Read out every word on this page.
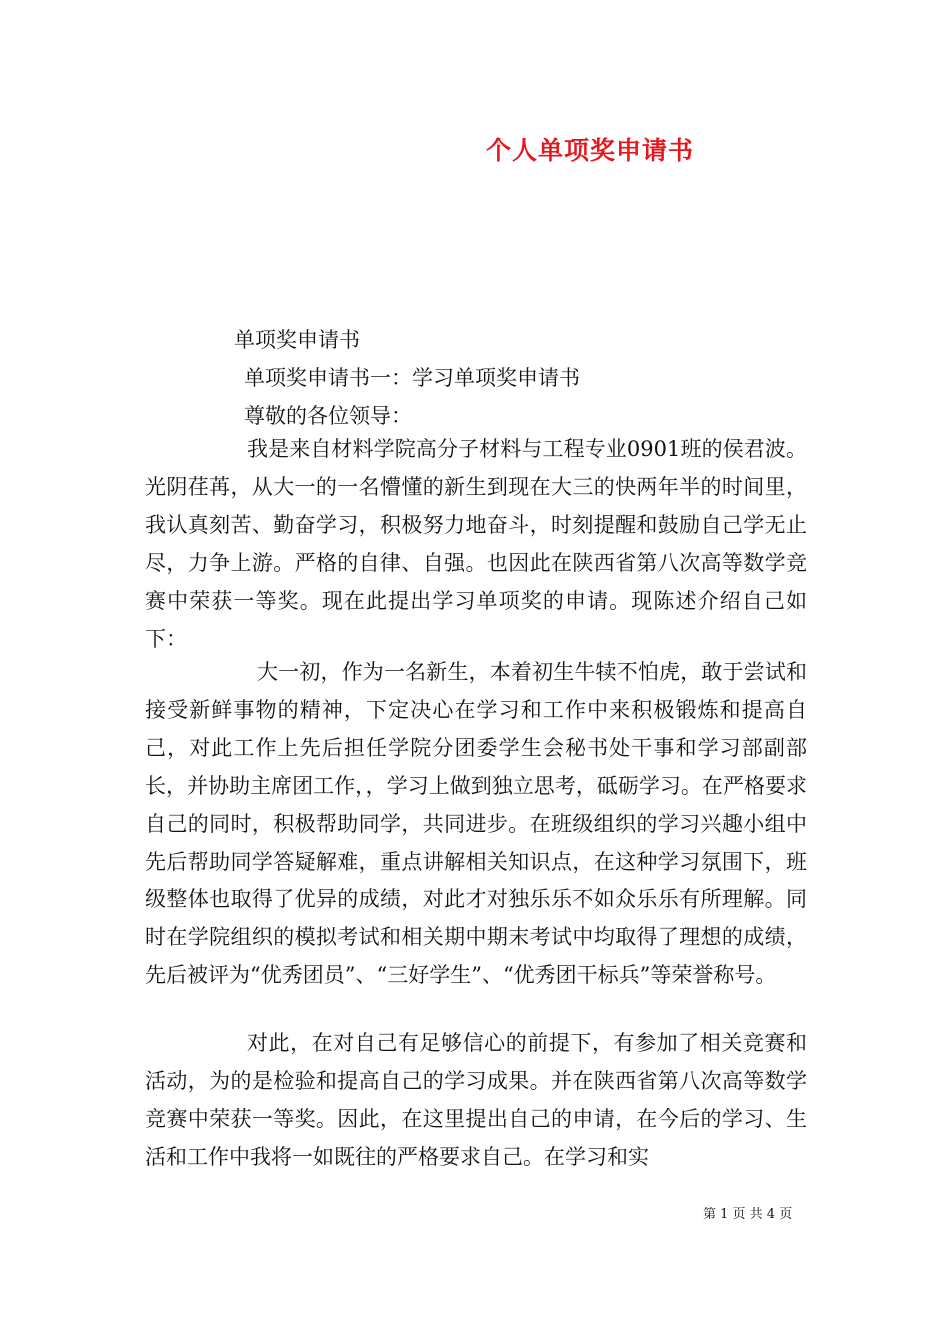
个人单项奖申请书
单项奖申请书
单项奖申请书一：学习单项奖申请书
尊敬的各位领导：

我是来自材料学院高分子材料与工程专业0901班的侯君波。光阴荏苒，从大一的一名懵懂的新生到现在大三的快两年半的时间里，我认真刻苦、勤奋学习，积极努力地奋斗，时刻提醒和鼓励自己学无止尽，力争上游。严格的自律、自强。也因此在陕西省第八次高等数学竞赛中荣获一等奖。现在此提出学习单项奖的申请。现陈述介绍自己如下：

大一初，作为一名新生，本着初生牛犊不怕虎，敢于尝试和接受新鲜事物的精神，下定决心在学习和工作中来积极锻炼和提高自己，对此工作上先后担任学院分团委学生会秘书处干事和学习部副部长，并协助主席团工作，，学习上做到独立思考，砥砺学习。在严格要求自己的同时，积极帮助同学，共同进步。在班级组织的学习兴趣小组中先后帮助同学答疑解难，重点讲解相关知识点，在这种学习氛围下，班级整体也取得了优异的成绩，对此才对独乐乐不如众乐乐有所理解。同时在学院组织的模拟考试和相关期中期末考试中均取得了理想的成绩，先后被评为“优秀团员”、“三好学生”、“优秀团干标兵”等荣誉称号。

对此，在对自己有足够信心的前提下，有参加了相关竞赛和活动，为的是检验和提高自己的学习成果。并在陕西省第八次高等数学竞赛中荣获一等奖。因此，在这里提出自己的申请，在今后的学习、生活和工作中我将一如既往的严格要求自己。在学习和实

第 1 页 共 4 页
